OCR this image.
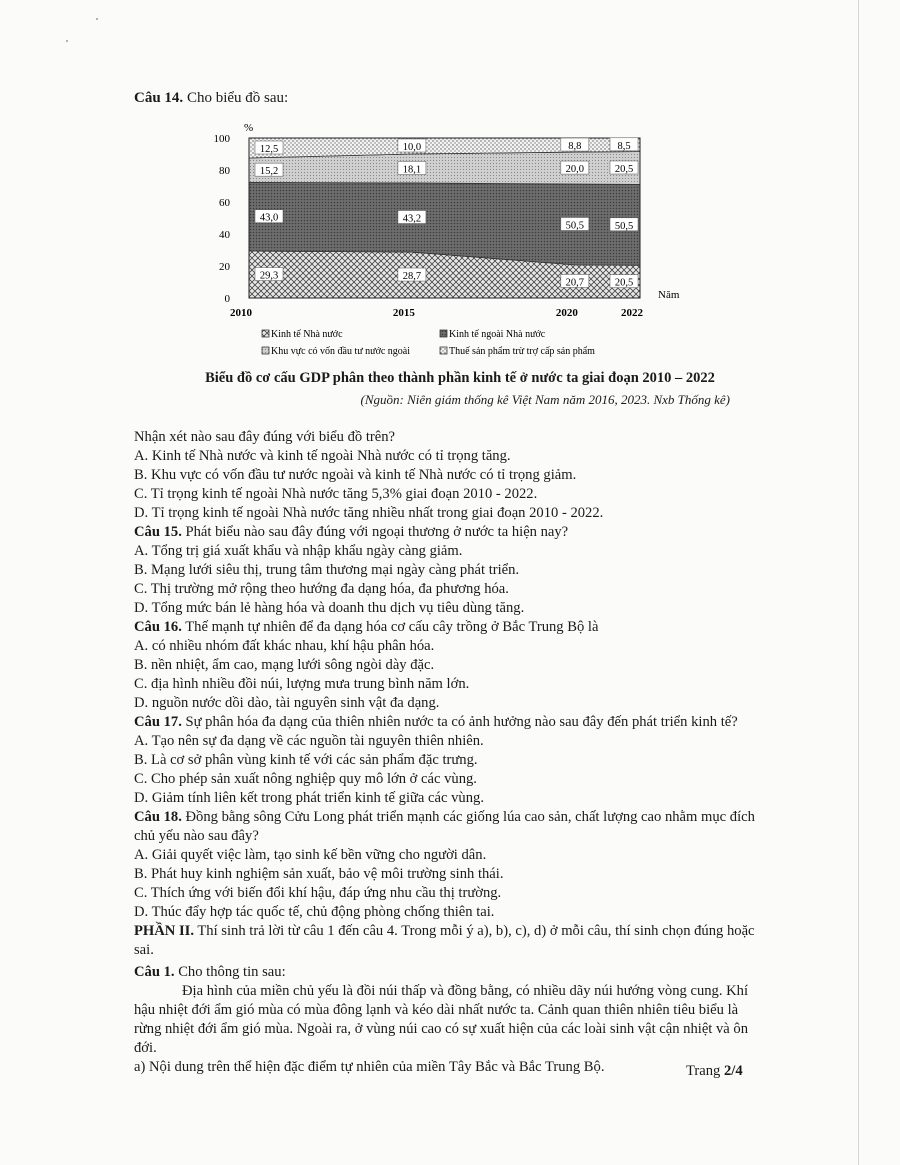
Câu 14. Cho biểu đồ sau:
0
20
40
60
80
100
%
2010	2015	2020	2022
Năm
29,3	28,7
20,7	20,5
43,0	43,2
50,5	50,5
15,2	18,1	20,0	20,5
12,5	10,0	8,8	8,5
Kinh tế Nhà nước	Kinh tế ngoài Nhà nước
Khu vực có vốn đầu tư nước ngoài	Thuế sản phẩm trừ trợ cấp sản phẩm
Biểu đồ cơ cấu GDP phân theo thành phần kinh tế ở nước ta giai đoạn 2010 – 2022
(Nguồn: Niên giám thống kê Việt Nam năm 2016, 2023. Nxb Thống kê)

Nhận xét nào sau đây đúng với biểu đồ trên?

A. Kinh tế Nhà nước và kinh tế ngoài Nhà nước có tỉ trọng tăng.

B. Khu vực có vốn đầu tư nước ngoài và kinh tế Nhà nước có tỉ trọng giảm.

C. Tỉ trọng kinh tế ngoài Nhà nước tăng 5,3% giai đoạn 2010 - 2022.

D. Tỉ trọng kinh tế ngoài Nhà nước tăng nhiều nhất trong giai đoạn 2010 - 2022.

Câu 15. Phát biểu nào sau đây đúng với ngoại thương ở nước ta hiện nay?

A. Tổng trị giá xuất khẩu và nhập khẩu ngày càng giảm.

B. Mạng lưới siêu thị, trung tâm thương mại ngày càng phát triển.

C. Thị trường mở rộng theo hướng đa dạng hóa, đa phương hóa.

D. Tổng mức bán lẻ hàng hóa và doanh thu dịch vụ tiêu dùng tăng.

Câu 16. Thế mạnh tự nhiên để đa dạng hóa cơ cấu cây trồng ở Bắc Trung Bộ là

A. có nhiều nhóm đất khác nhau, khí hậu phân hóa.

B. nền nhiệt, ẩm cao, mạng lưới sông ngòi dày đặc.

C. địa hình nhiều đồi núi, lượng mưa trung bình năm lớn.

D. nguồn nước dồi dào, tài nguyên sinh vật đa dạng.

Câu 17. Sự phân hóa đa dạng của thiên nhiên nước ta có ảnh hưởng nào sau đây đến phát triển kinh tế?

A. Tạo nên sự đa dạng về các nguồn tài nguyên thiên nhiên.

B. Là cơ sở phân vùng kinh tế với các sản phẩm đặc trưng.

C. Cho phép sản xuất nông nghiệp quy mô lớn ở các vùng.

D. Giảm tính liên kết trong phát triển kinh tế giữa các vùng.

Câu 18. Đồng bằng sông Cửu Long phát triển mạnh các giống lúa cao sản, chất lượng cao nhằm mục đích chủ yếu nào sau đây?

A. Giải quyết việc làm, tạo sinh kế bền vững cho người dân.

B. Phát huy kinh nghiệm sản xuất, bảo vệ môi trường sinh thái.

C. Thích ứng với biến đổi khí hậu, đáp ứng nhu cầu thị trường.

D. Thúc đẩy hợp tác quốc tế, chủ động phòng chống thiên tai.

PHẦN II. Thí sinh trả lời từ câu 1 đến câu 4. Trong mỗi ý a), b), c), d) ở mỗi câu, thí sinh chọn đúng hoặc sai.

Câu 1. Cho thông tin sau:

Địa hình của miền chủ yếu là đồi núi thấp và đồng bằng, có nhiều dãy núi hướng vòng cung. Khí hậu nhiệt đới ẩm gió mùa có mùa đông lạnh và kéo dài nhất nước ta. Cảnh quan thiên nhiên tiêu biểu là rừng nhiệt đới ẩm gió mùa. Ngoài ra, ở vùng núi cao có sự xuất hiện của các loài sinh vật cận nhiệt và ôn đới.

a) Nội dung trên thể hiện đặc điểm tự nhiên của miền Tây Bắc và Bắc Trung Bộ.	Trang 2/4
